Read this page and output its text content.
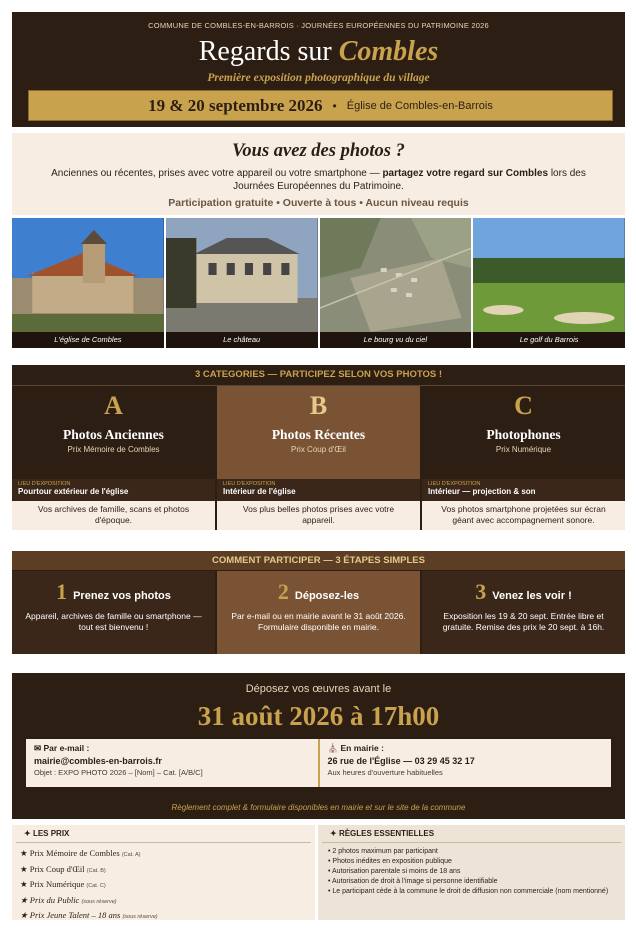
COMMUNE DE COMBLES-EN-BARROIS · JOURNÉES EUROPÉENNES DU PATRIMOINE 2026
Regards sur Combles
Première exposition photographique du village
19 & 20 septembre 2026 • Église de Combles-en-Barrois
Vous avez des photos ?
Anciennes ou récentes, prises avec votre appareil ou votre smartphone — partagez votre regard sur Combles lors des Journées Européennes du Patrimoine.
Participation gratuite • Ouverte à tous • Aucun niveau requis
L'église de Combles	Le château	Le bourg vu du ciel	Le golf du Barrois
3 CATEGORIES — PARTICIPEZ SELON VOS PHOTOS !
A
Photos Anciennes
Prix Mémoire de Combles
LIEU D'EXPOSITION
Pourtour extérieur de l'église
Vos archives de famille, scans et photos d'époque.
B
Photos Récentes
Prix Coup d'Œil
LIEU D'EXPOSITION
Intérieur de l'église
Vos plus belles photos prises avec votre appareil.
C
Photophones
Prix Numérique
LIEU D'EXPOSITION
Intérieur — projection & son
Vos photos smartphone projetées sur écran géant avec accompagnement sonore.
COMMENT PARTICIPER — 3 ÉTAPES SIMPLES
1 Prenez vos photos
Appareil, archives de famille ou smartphone — tout est bienvenu !
2 Déposez-les
Par e-mail ou en mairie avant le 31 août 2026. Formulaire disponible en mairie.
3 Venez les voir !
Exposition les 19 & 20 sept. Entrée libre et gratuite. Remise des prix le 20 sept. à 16h.
Déposez vos œuvres avant le
31 août 2026 à 17h00
✉ Par e-mail :
mairie@combles-en-barrois.fr
Objet : EXPO PHOTO 2026 – [Nom] – Cat. [A/B/C]
⛪ En mairie :
26 rue de l'Église — 03 29 45 32 17
Aux heures d'ouverture habituelles
Règlement complet & formulaire disponibles en mairie et sur le site de la commune
✦ LES PRIX
★ Prix Mémoire de Combles (Cat. A)
★ Prix Coup d'Œil (Cat. B)
★ Prix Numérique (Cat. C)
★ Prix du Public (sous réserve)
★ Prix Jeune Talent – 18 ans (sous réserve)
✦ RÈGLES ESSENTIELLES
• 2 photos maximum par participant
• Photos inédites en exposition publique
• Autorisation parentale si moins de 18 ans
• Autorisation de droit à l'image si personne identifiable
• Le participant cède à la commune le droit de diffusion non commerciale (nom mentionné)
